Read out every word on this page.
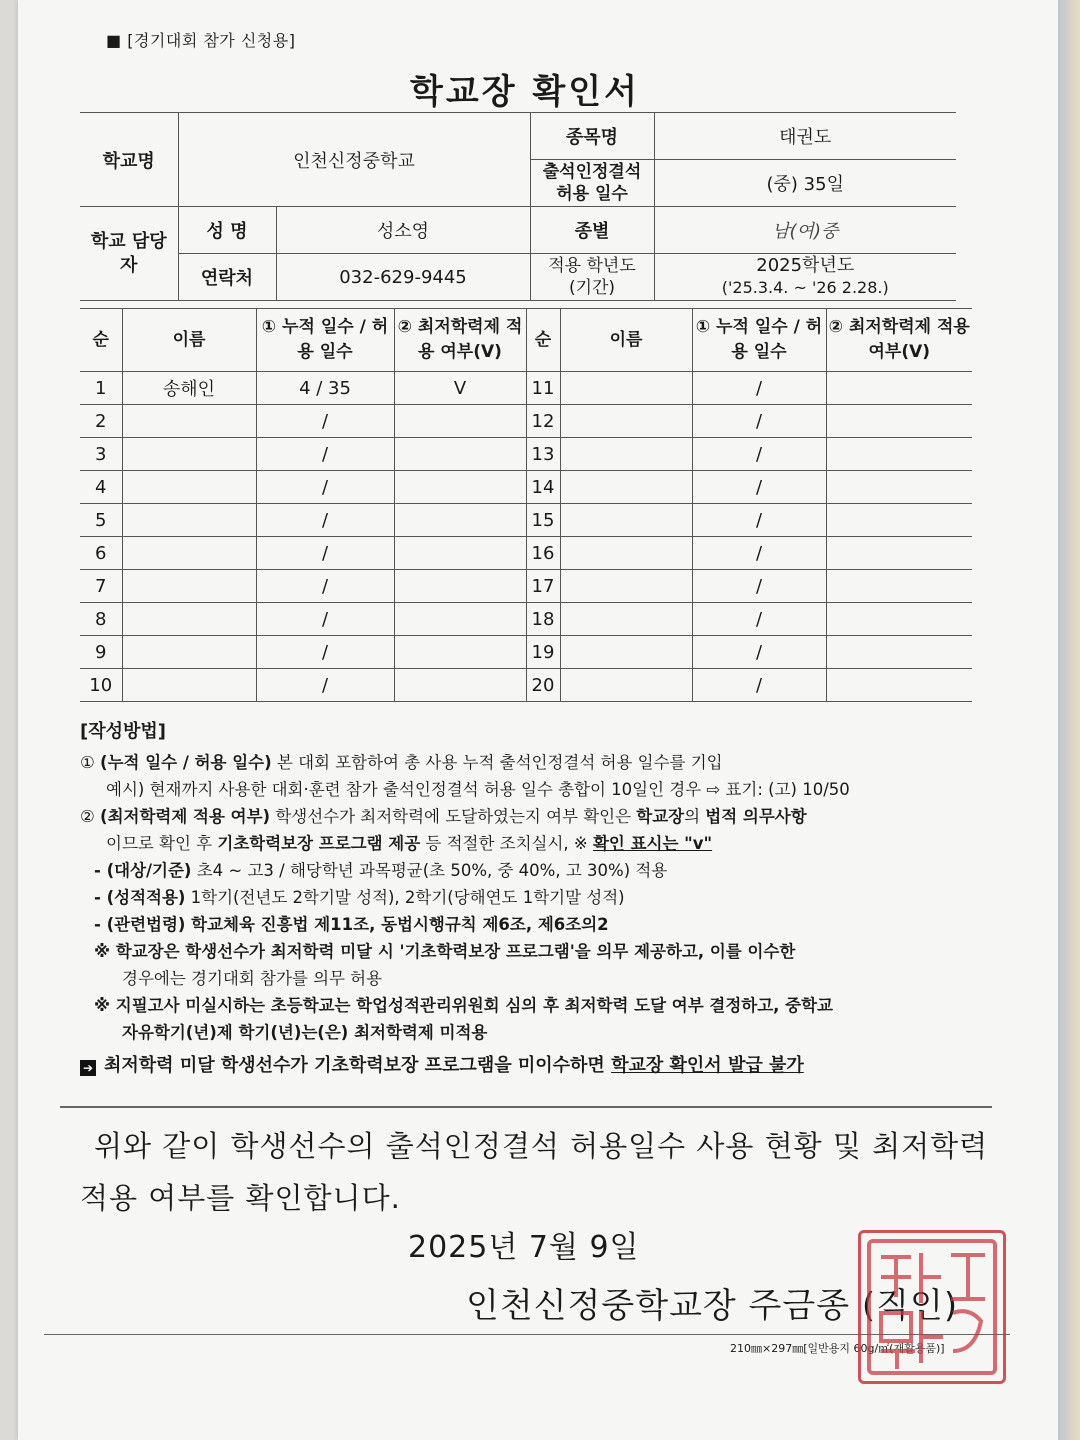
■ [경기대회 참가 신청용]
학교장 확인서
학교명	인천신정중학교		종목명	태권도
			출석인정결석 허용 일수	(중) 35일
학교 담당자	성 명	성소영	종별	남(여)중
	연락처	032-629-9445	적용 학년도 (기간)	2025학년도
('25.3.4. ~ '26 2.28.)
순	이름	① 누적 일수 / 허용 일수	② 최저학력제 적용 여부(V)	순	이름	① 누적 일수 / 허용 일수	② 최저학력제 적용 여부(V)
1	송해인	4 / 35	V	11		/	
2		/		12		/	
3		/		13		/	
4		/		14		/	
5		/		15		/	
6		/		16		/	
7		/		17		/	
8		/		18		/	
9		/		19		/	
10		/		20		/	
[작성방법]
① (누적 일수 / 허용 일수) 본 대회 포함하여 총 사용 누적 출석인정결석 허용 일수를 기입
예시) 현재까지 사용한 대회·훈련 참가 출석인정결석 허용 일수 총합이 10일인 경우 ⇨ 표기: (고) 10/50
② (최저학력제 적용 여부) 학생선수가 최저학력에 도달하였는지 여부 확인은 학교장의 법적 의무사항
이므로 확인 후 기초학력보장 프로그램 제공 등 적절한 조치실시, ※ 확인 표시는 "v"
- (대상/기준) 초4 ~ 고3 / 해당학년 과목평균(초 50%, 중 40%, 고 30%) 적용
- (성적적용) 1학기(전년도 2학기말 성적), 2학기(당해연도 1학기말 성적)
- (관련법령) 학교체육 진흥법 제11조, 동법시행규칙 제6조, 제6조의2
※ 학교장은 학생선수가 최저학력 미달 시 '기초학력보장 프로그램'을 의무 제공하고, 이를 이수한
경우에는 경기대회 참가를 의무 허용
※ 지필고사 미실시하는 초등학교는 학업성적관리위원회 심의 후 최저학력 도달 여부 결정하고, 중학교
자유학기(년)제 학기(년)는(은) 최저학력제 미적용
➔ 최저학력 미달 학생선수가 기초학력보장 프로그램을 미이수하면 학교장 확인서 발급 불가
위와 같이 학생선수의 출석인정결석 허용일수 사용 현황 및 최저학력
적용 여부를 확인합니다.
2025년 7월 9일
인천신정중학교장 주금종 (직인)
210㎜×297㎜[일반용지 60g/㎡(재활용품)]
